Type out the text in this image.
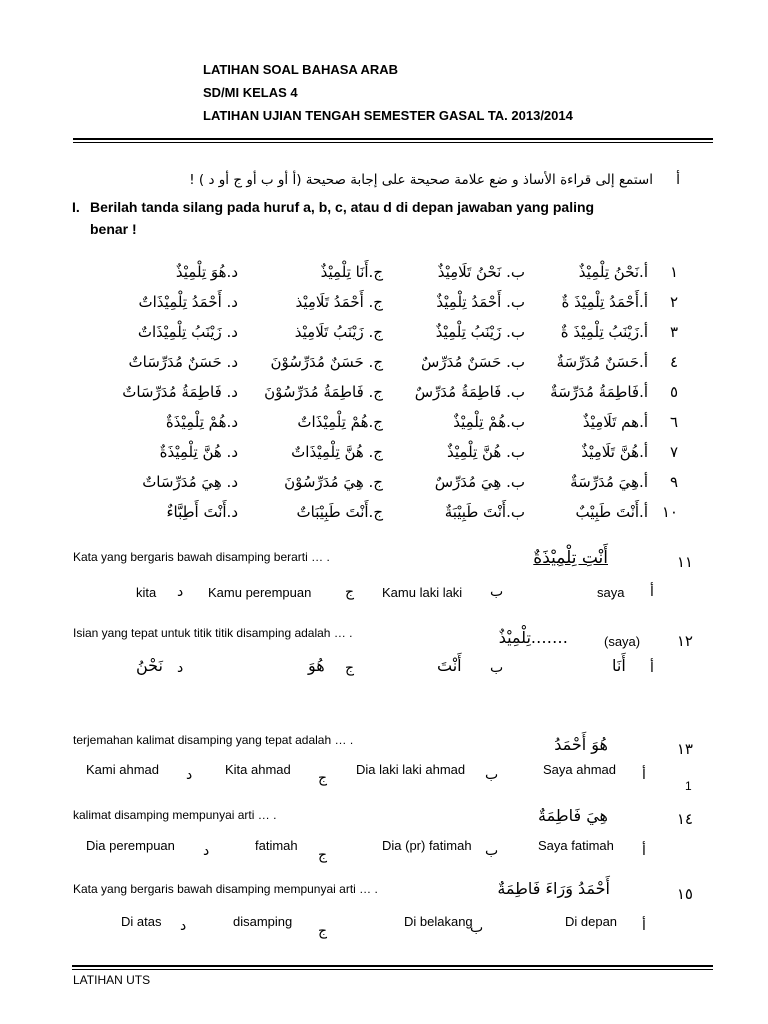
LATIHAN SOAL BAHASA ARAB
SD/MI KELAS 4
LATIHAN UJIAN TENGAH SEMESTER GASAL TA. 2013/2014
أ
استمع إلى قراءة الأساذ و ضع علامة صحيحة على إجابة صحيحة (أ أو ب أو ج أو د ) !
I. Berilah tanda silang pada huruf a, b, c, atau d di depan jawaban yang paling
benar !
١
أ.نَحْنُ تِلْمِيْذٌ
ب. نَحْنُ تَلَامِيْذٌ
ج.أَنَا تِلْمِيْذٌ
د.هُوَ تِلْمِيْذٌ
٢
أ.أَحْمَدُ تِلْمِيْذَ ةٌ
ب. أَحْمَدُ تِلْمِيْذٌ
ج. أَحْمَدُ تَلَامِيْذ
د. أَحْمَدُ تِلْمِيْذَاتٌ
٣
أ.زَيْنَبُ تِلْمِيْذَ ةٌ
ب. زَيْنَبُ تِلْمِيْذٌ
ج. زَيْنَبُ تَلَامِيْذ
د. زَيْنَبُ تِلْمِيْذَاتٌ
٤
أ.حَسَنٌ مُدَرِّسَةٌ
ب. حَسَنٌ مُدَرِّسٌ
ج. حَسَنٌ مُدَرِّسُوْنَ
د. حَسَنٌ مُدَرِّسَاتٌ
٥
أ.فَاطِمَةُ مُدَرِّسَةٌ
ب. فَاطِمَةُ مُدَرِّسٌ
ج. فَاطِمَةُ مُدَرِّسُوْنَ
د. فَاطِمَةُ مُدَرِّسَاتٌ
٦
أ.هم تَلَامِيْذٌ
ب.هُمْ تِلْمِيْذٌ
ج.هُمْ تِلْمِيْذَاتٌ
د.هُمْ تِلْمِيْذَةٌ
٧
أ.هُنَّ تَلَامِيْذٌ
ب. هُنَّ تِلْمِيْذٌ
ج. هُنَّ تِلْمِيْذَاتٌ
د. هُنَّ تِلْمِيْذَةٌ
٩
أ.هِيَ مُدَرِّسَةٌ
ب. هِيَ مُدَرِّسٌ
ج. هِيَ مُدَرِّسُوْنَ
د. هِيَ مُدَرِّسَاتٌ
١٠
أ.أَنْتَ طَبِيْبٌ
ب.أَنْتَ طَبِيْبَةٌ
ج.أَنْتَ طَبِيْبَاتٌ
د.أَنْتَ أَطِبَّاءٌ
١١
أَنْتِ تِلْمِيْذَةٌ
Kata yang bergaris bawah disamping berarti … .
أ
saya
ب
Kamu laki laki
ج
Kamu perempuan
د
kita
١٢
(saya)
…….تِلْمِيْذٌ
Isian yang tepat untuk titik titik disamping adalah … .
أ
أَنَا
ب
أَنْتَ
ج
هُوَ
د
نَحْنُ
١٣
هُوَ أَحْمَدُ
terjemahan kalimat disamping yang tepat adalah … .
أ
Saya ahmad
ب
Dia laki laki ahmad
ج
Kita ahmad
د
Kami ahmad
1
١٤
هِيَ فَاطِمَةٌ
kalimat disamping mempunyai arti … .
أ
Saya fatimah
ب
Dia (pr) fatimah
ج
fatimah
د
Dia perempuan
١٥
أَحْمَدُ وَرَاءَ فَاطِمَةٌ
Kata yang bergaris bawah disamping mempunyai arti … .
أ
Di depan
ب
Di belakang
ج
disamping
د
Di atas
LATIHAN UTS
